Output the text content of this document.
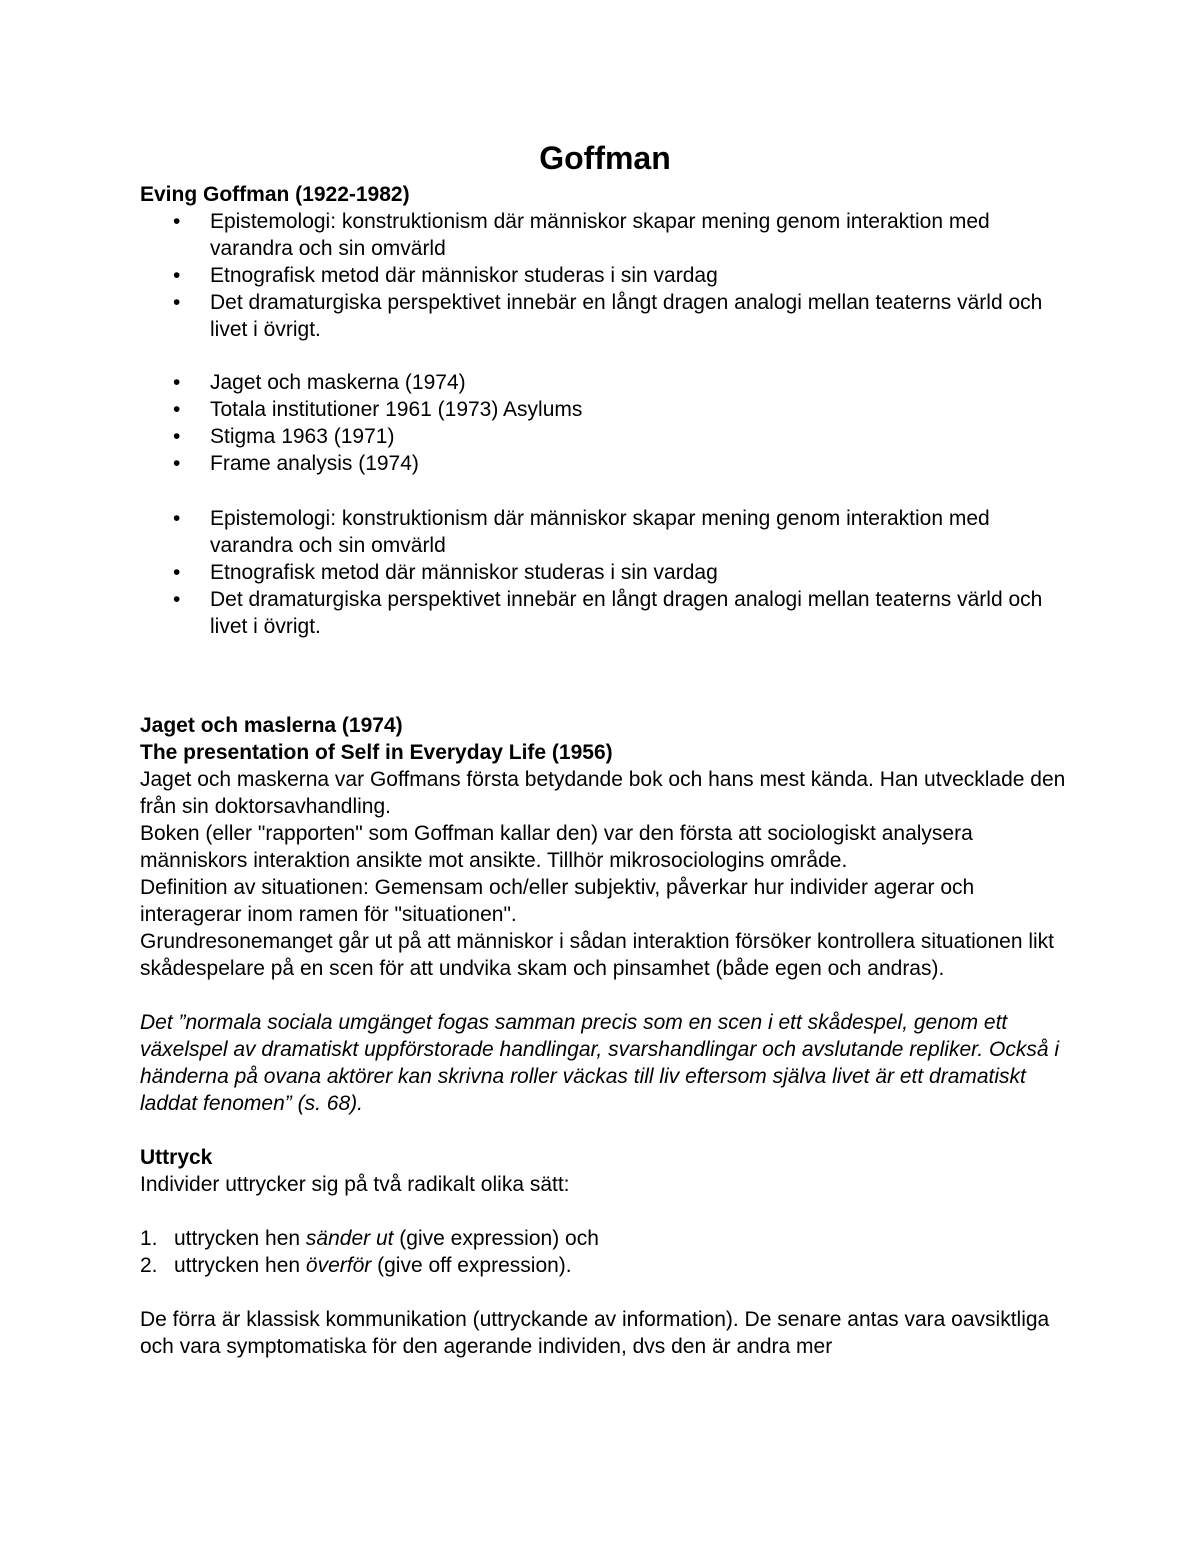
Goffman
Eving Goffman (1922-1982)
• Epistemologi: konstruktionism där människor skapar mening genom interaktion med varandra och sin omvärld
• Etnografisk metod där människor studeras i sin vardag
• Det dramaturgiska perspektivet innebär en långt dragen analogi mellan teaterns värld och livet i övrigt.
• Jaget och maskerna (1974)
• Totala institutioner 1961 (1973) Asylums
• Stigma 1963 (1971)
• Frame analysis (1974)
• Epistemologi: konstruktionism där människor skapar mening genom interaktion med varandra och sin omvärld
• Etnografisk metod där människor studeras i sin vardag
• Det dramaturgiska perspektivet innebär en långt dragen analogi mellan teaterns värld och livet i övrigt.
Jaget och maslerna (1974)
The presentation of Self in Everyday Life (1956)

Jaget och maskerna var Goffmans första betydande bok och hans mest kända. Han utvecklade den från sin doktorsavhandling.

Boken (eller "rapporten" som Goffman kallar den) var den första att sociologiskt analysera människors interaktion ansikte mot ansikte. Tillhör mikrosociologins område.

Definition av situationen: Gemensam och/eller subjektiv, påverkar hur individer agerar och interagerar inom ramen för "situationen".

Grundresonemanget går ut på att människor i sådan interaktion försöker kontrollera situationen likt skådespelare på en scen för att undvika skam och pinsamhet (både egen och andras).

Det ”normala sociala umgänget fogas samman precis som en scen i ett skådespel, genom ett växelspel av dramatiskt uppförstorade handlingar, svarshandlingar och avslutande repliker. Också i händerna på ovana aktörer kan skrivna roller väckas till liv eftersom själva livet är ett dramatiskt laddat fenomen” (s. 68).

Uttryck

Individer uttrycker sig på två radikalt olika sätt:

1. uttrycken hen sänder ut (give expression) och
2. uttrycken hen överför (give off expression).

De förra är klassisk kommunikation (uttryckande av information). De senare antas vara oavsiktliga och vara symptomatiska för den agerande individen, dvs den är andra mer
